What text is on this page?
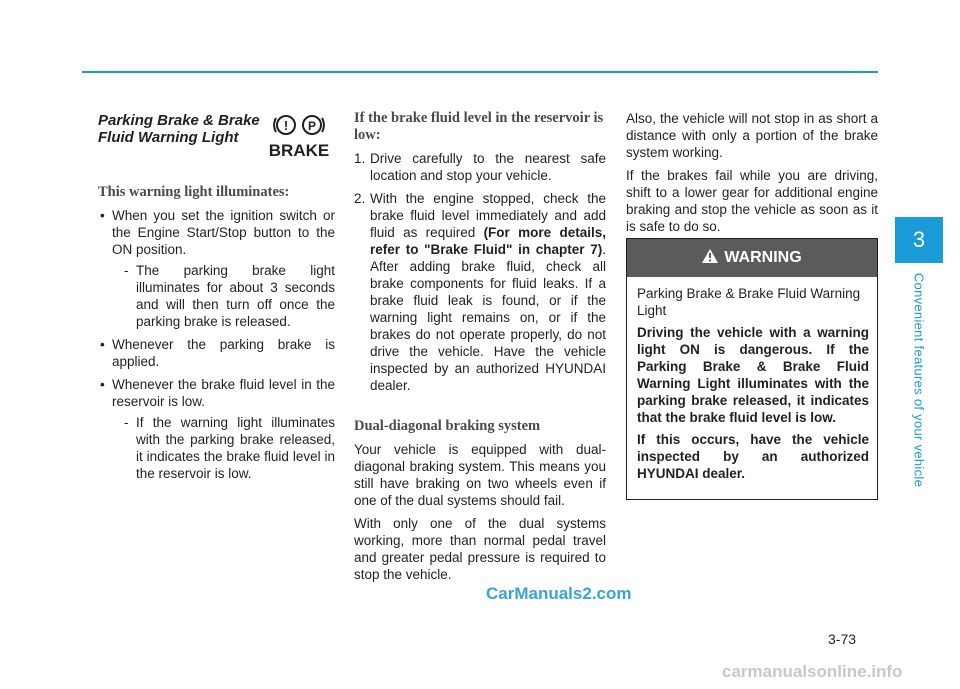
Parking Brake & Brake Fluid Warning Light
! P
BRAKE
This warning light illuminates:
• When you set the ignition switch or the Engine Start/Stop button to the ON position.
- The parking brake light illuminates for about 3 seconds and will then turn off once the parking brake is released.
• Whenever the parking brake is applied.
• Whenever the brake fluid level in the reservoir is low.
- If the warning light illuminates with the parking brake released, it indicates the brake fluid level in the reservoir is low.
If the brake fluid level in the reservoir is low:
1. Drive carefully to the nearest safe location and stop your vehicle.
2. With the engine stopped, check the brake fluid level immediately and add fluid as required (For more details, refer to "Brake Fluid" in chapter 7). After adding brake fluid, check all brake components for fluid leaks. If a brake fluid leak is found, or if the warning light remains on, or if the brakes do not operate properly, do not drive the vehicle. Have the vehicle inspected by an authorized HYUNDAI dealer.
Dual-diagonal braking system

Your vehicle is equipped with dual-diagonal braking system. This means you still have braking on two wheels even if one of the dual systems should fail.

With only one of the dual systems working, more than normal pedal travel and greater pedal pressure is required to stop the vehicle.

Also, the vehicle will not stop in as short a distance with only a portion of the brake system working.

If the brakes fail while you are driving, shift to a lower gear for additional engine braking and stop the vehicle as soon as it is safe to do so.

WARNING

Parking Brake & Brake Fluid Warning Light

Driving the vehicle with a warning light ON is dangerous. If the Parking Brake & Brake Fluid Warning Light illuminates with the parking brake released, it indicates that the brake fluid level is low.

If this occurs, have the vehicle inspected by an authorized HYUNDAI dealer.

3
Convenient features of your vehicle
3-73
CarManuals2.com
carmanualsonline.info
